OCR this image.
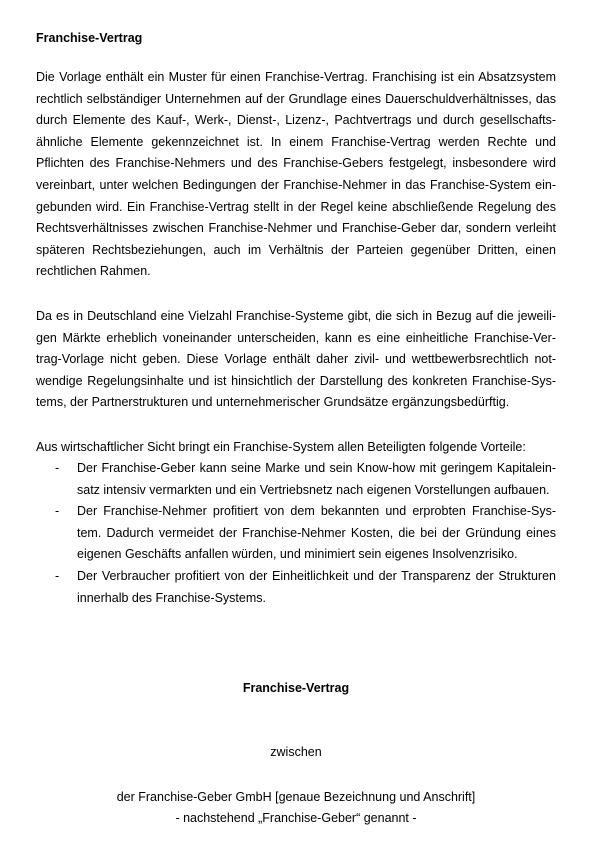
Franchise-Vertrag

Die Vorlage enthält ein Muster für einen Franchise-Vertrag. Franchising ist ein Absatzsystem rechtlich selbständiger Unternehmen auf der Grundlage eines Dauerschuldverhältnisses, das durch Elemente des Kauf-, Werk-, Dienst-, Lizenz-, Pachtvertrags und durch gesellschafts-ähnliche Elemente gekennzeichnet ist. In einem Franchise-Vertrag werden Rechte und Pflichten des Franchise-Nehmers und des Franchise-Gebers festgelegt, insbesondere wird vereinbart, unter welchen Bedingungen der Franchise-Nehmer in das Franchise-System ein-gebunden wird. Ein Franchise-Vertrag stellt in der Regel keine abschließende Regelung des Rechtsverhältnisses zwischen Franchise-Nehmer und Franchise-Geber dar, sondern verleiht späteren Rechtsbeziehungen, auch im Verhältnis der Parteien gegenüber Dritten, einen rechtlichen Rahmen.

Da es in Deutschland eine Vielzahl Franchise-Systeme gibt, die sich in Bezug auf die jeweili-gen Märkte erheblich voneinander unterscheiden, kann es eine einheitliche Franchise-Ver-trag-Vorlage nicht geben. Diese Vorlage enthält daher zivil- und wettbewerbsrechtlich not-wendige Regelungsinhalte und ist hinsichtlich der Darstellung des konkreten Franchise-Sys-tems, der Partnerstrukturen und unternehmerischer Grundsätze ergänzungsbedürftig.

Aus wirtschaftlicher Sicht bringt ein Franchise-System allen Beteiligten folgende Vorteile:

- Der Franchise-Geber kann seine Marke und sein Know-how mit geringem Kapitalein-satz intensiv vermarkten und ein Vertriebsnetz nach eigenen Vorstellungen aufbauen.
- Der Franchise-Nehmer profitiert von dem bekannten und erprobten Franchise-Sys-tem. Dadurch vermeidet der Franchise-Nehmer Kosten, die bei der Gründung eines eigenen Geschäfts anfallen würden, und minimiert sein eigenes Insolvenzrisiko.
- Der Verbraucher profitiert von der Einheitlichkeit und der Transparenz der Strukturen innerhalb des Franchise-Systems.

Franchise-Vertrag

zwischen

der Franchise-Geber GmbH [genaue Bezeichnung und Anschrift]

- nachstehend „Franchise-Geber“ genannt -
